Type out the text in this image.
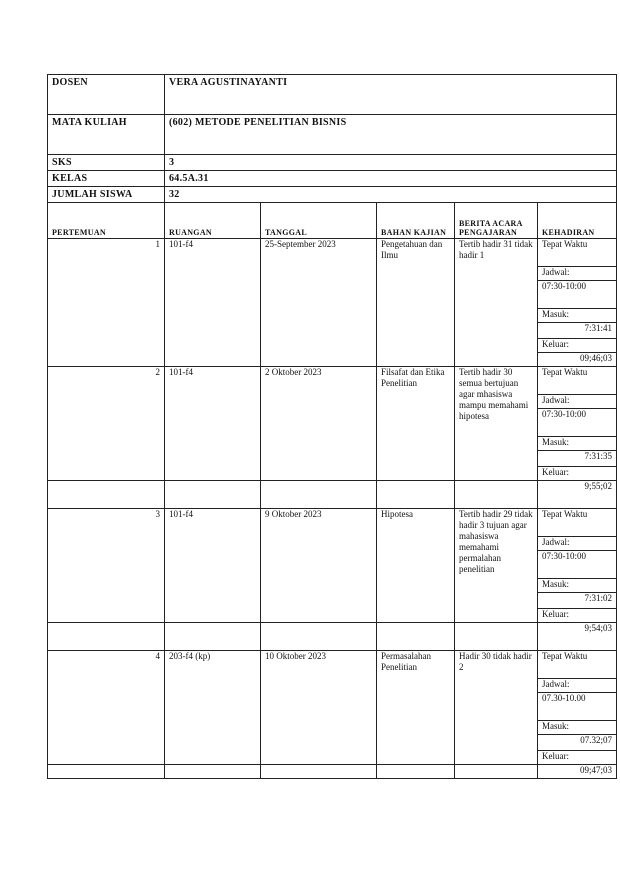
DOSEN	VERA AGUSTINAYANTI				
MATA KULIAH	(602) METODE PENELITIAN BISNIS				
SKS	3				
KELAS	64.5A.31				
JUMLAH SISWA	32				
PERTEMUAN	RUANGAN	TANGGAL	BAHAN KAJIAN	BERITA ACARA PENGAJARAN	KEHADIRAN
1	101-f4	25-September 2023	Pengetahuan dan Ilmu	Tertib hadir 31 tidak hadir 1	Tepat Waktu
					Jadwal:
					07:30-10:00
					Masuk:
					7:31:41
					Keluar:
					09;46;03
2	101-f4	2 Oktober 2023	Filsafat dan Etika Penelitian	Tertib hadir 30 semua bertujuan agar mhasiswa mampu memahami hipotesa	Tepat Waktu
					Jadwal:
					07:30-10:00
					Masuk:
					7:31:35
					Keluar:
					9;55;02
3	101-f4	9 Oktober 2023	Hipotesa	Tertib hadir 29 tidak hadir 3 tujuan agar mahasiswa memahami permalahan penelitian	Tepat Waktu
					Jadwal:
					07:30-10:00
					Masuk:
					7:31:02
					Keluar:
					9;54;03
4	203-f4 (kp)	10 Oktober 2023	Permasalahan Penelitian	Hadir 30 tidak hadir 2	Tepat Waktu
					Jadwal:
					07.30-10.00
					Masuk:
					07.32;07
					Keluar:
					09;47;03
